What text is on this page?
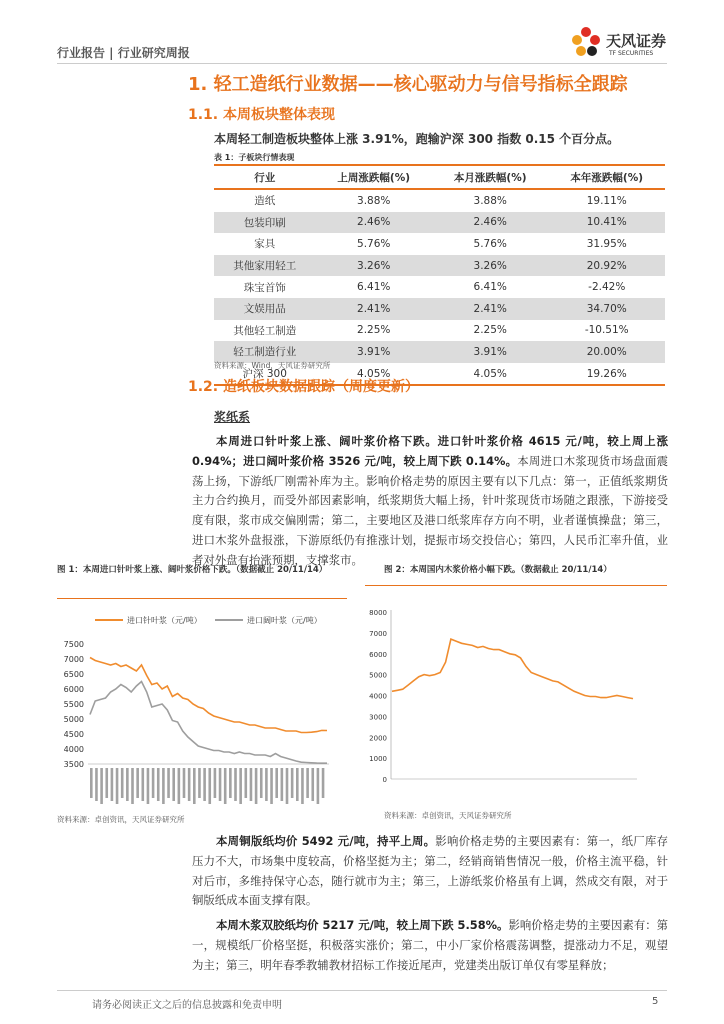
行业报告 | 行业研究周报
天风证券
TF SECURITIES
1. 轻工造纸行业数据——核心驱动力与信号指标全跟踪
1.1. 本周板块整体表现
本周轻工制造板块整体上涨 3.91%，跑输沪深 300 指数 0.15 个百分点。
表 1：子板块行情表现
行业	上周涨跌幅(%)	本月涨跌幅(%)	本年涨跌幅(%)
造纸	3.88%	3.88%	19.11%
包装印刷	2.46%	2.46%	10.41%
家具	5.76%	5.76%	31.95%
其他家用轻工	3.26%	3.26%	20.92%
珠宝首饰	6.41%	6.41%	-2.42%
文娱用品	2.41%	2.41%	34.70%
其他轻工制造	2.25%	2.25%	-10.51%
轻工制造行业	3.91%	3.91%	20.00%
沪深 300	4.05%	4.05%	19.26%
资料来源：Wind，天风证券研究所
1.2. 造纸板块数据跟踪（周度更新）
浆纸系
本周进口针叶浆上涨、阔叶浆价格下跌。进口针叶浆价格 4615 元/吨，较上周上涨 0.94%；进口阔叶浆价格 3526 元/吨，较上周下跌 0.14%。本周进口木浆现货市场盘面震荡上扬，下游纸厂刚需补库为主。影响价格走势的原因主要有以下几点：第一，正值纸浆期货主力合约换月，而受外部因素影响，纸浆期货大幅上扬，针叶浆现货市场随之跟涨，下游接受度有限，浆市成交偏刚需；第二，主要地区及港口纸浆库存方向不明，业者谨慎操盘；第三，进口木浆外盘报涨，下游原纸仍有推涨计划，提振市场交投信心；第四，人民币汇率升值，业者对外盘有抬涨预期，支撑浆市。
图 1：本周进口针叶浆上涨、阔叶浆价格下跌。（数据截止 20/11/14）
进口针叶浆（元/吨）	进口阔叶浆（元/吨）
7500
7000
6500
6000
5500
5000
4500
4000
3500
资料来源：卓创资讯，天风证券研究所
图 2：本周国内木浆价格小幅下跌。（数据截止 20/11/14）
8000
7000
6000
5000
4000
3000
2000
1000
0
资料来源：卓创资讯，天风证券研究所
本周铜版纸均价 5492 元/吨，持平上周。影响价格走势的主要因素有：第一，纸厂库存压力不大，市场集中度较高，价格坚挺为主；第二，经销商销售情况一般，价格主流平稳，针对后市，多维持保守心态，随行就市为主；第三，上游纸浆价格虽有上调，然成交有限，对于铜版纸成本面支撑有限。
本周木浆双胶纸均价 5217 元/吨，较上周下跌 5.58%。影响价格走势的主要因素有：第一，规模纸厂价格坚挺，积极落实涨价；第二，中小厂家价格震荡调整，提涨动力不足，观望为主；第三，明年春季教辅教材招标工作接近尾声，党建类出版订单仅有零星释放；
请务必阅读正文之后的信息披露和免责申明	5
